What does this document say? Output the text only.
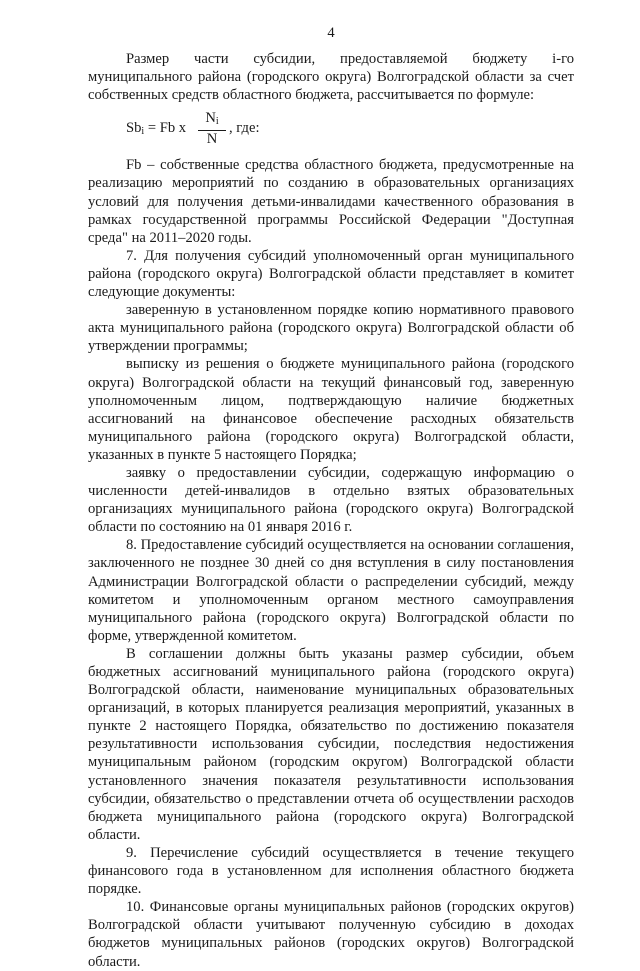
4

Размер части субсидии, предоставляемой бюджету i-го муниципального района (городского округа) Волгоградской области за счет собственных средств областного бюджета, рассчитывается по формуле:

$Sb_i = Fb$ x $\frac{N_i}{N}$ , где:

Fb – собственные средства областного бюджета, предусмотренные на реализацию мероприятий по созданию в образовательных организациях условий для получения детьми-инвалидами качественного образования в рамках государственной программы Российской Федерации "Доступная среда" на 2011–2020 годы.

7. Для получения субсидий уполномоченный орган муниципального района (городского округа) Волгоградской области представляет в комитет следующие документы:

заверенную в установленном порядке копию нормативного правового акта муниципального района (городского округа) Волгоградской области об утверждении программы;

выписку из решения о бюджете муниципального района (городского округа) Волгоградской области на текущий финансовый год, заверенную уполномоченным лицом, подтверждающую наличие бюджетных ассигнований на финансовое обеспечение расходных обязательств муниципального района (городского округа) Волгоградской области, указанных в пункте 5 настоящего Порядка;

заявку о предоставлении субсидии, содержащую информацию о численности детей-инвалидов в отдельно взятых образовательных организациях муниципального района (городского округа) Волгоградской области по состоянию на 01 января 2016 г.

8. Предоставление субсидий осуществляется на основании соглашения, заключенного не позднее 30 дней со дня вступления в силу постановления Администрации Волгоградской области о распределении субсидий, между комитетом и уполномоченным органом местного самоуправления муниципального района (городского округа) Волгоградской области по форме, утвержденной комитетом.

В соглашении должны быть указаны размер субсидии, объем бюджетных ассигнований муниципального района (городского округа) Волгоградской области, наименование муниципальных образовательных организаций, в которых планируется реализация мероприятий, указанных в пункте 2 настоящего Порядка, обязательство по достижению показателя результативности использования субсидии, последствия недостижения муниципальным районом (городским округом) Волгоградской области установленного значения показателя результативности использования субсидии, обязательство о представлении отчета об осуществлении расходов бюджета муниципального района (городского округа) Волгоградской области.

9. Перечисление субсидий осуществляется в течение текущего финансового года в установленном для исполнения областного бюджета порядке.

10. Финансовые органы муниципальных районов (городских округов) Волгоградской области учитывают полученную субсидию в доходах бюджетов муниципальных районов (городских округов) Волгоградской области.
